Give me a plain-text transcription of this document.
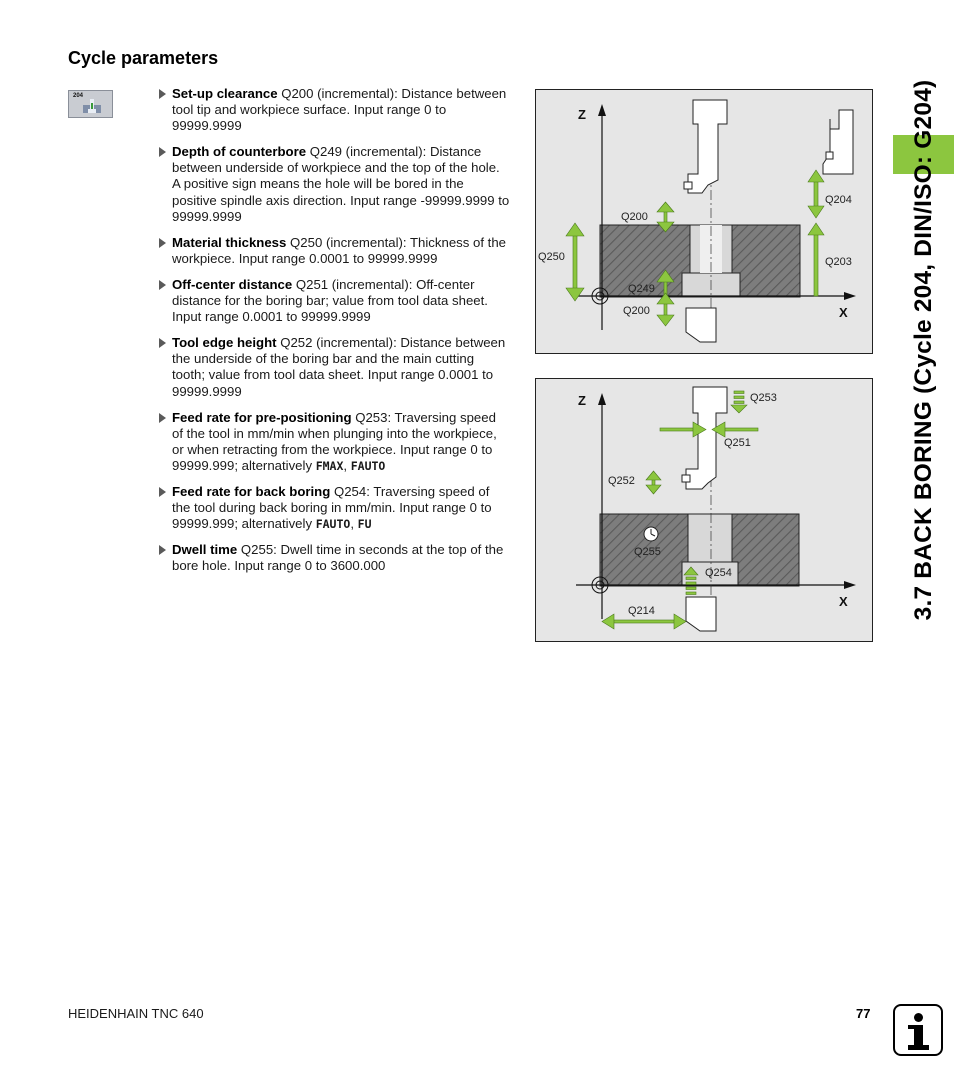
Cycle parameters
204	Set-up clearance Q200 (incremental): Distance between tool tip and workpiece surface. Input range 0 to 99999.9999
Depth of counterbore Q249 (incremental): Distance between underside of workpiece and the top of the hole. A positive sign means the hole will be bored in the positive spindle axis direction. Input range -99999.9999 to 99999.9999
Material thickness Q250 (incremental): Thickness of the workpiece. Input range 0.0001 to 99999.9999
Off-center distance Q251 (incremental): Off-center distance for the boring bar; value from tool data sheet. Input range 0.0001 to 99999.9999
Tool edge height Q252 (incremental): Distance between the underside of the boring bar and the main cutting tooth; value from tool data sheet. Input range 0.0001 to 99999.9999
Feed rate for pre-positioning Q253: Traversing speed of the tool in mm/min when plunging into the workpiece, or when retracting from the workpiece. Input range 0 to 99999.999; alternatively FMAX, FAUTO
Feed rate for back boring Q254: Traversing speed of the tool during back boring in mm/min. Input range 0 to 99999.999; alternatively FAUTO, FU
Dwell time Q255: Dwell time in seconds at the top of the bore hole. Input range 0 to 3600.000
Z
X
Q200
Q204
Q250	Q203
Q249
Q200
Z
X
Q253
Q251
Q252
Q255
Q254
Q214	3.7 BACK BORING (Cycle 204, DIN/ISO: G204)
HEIDENHAIN TNC 640	77
